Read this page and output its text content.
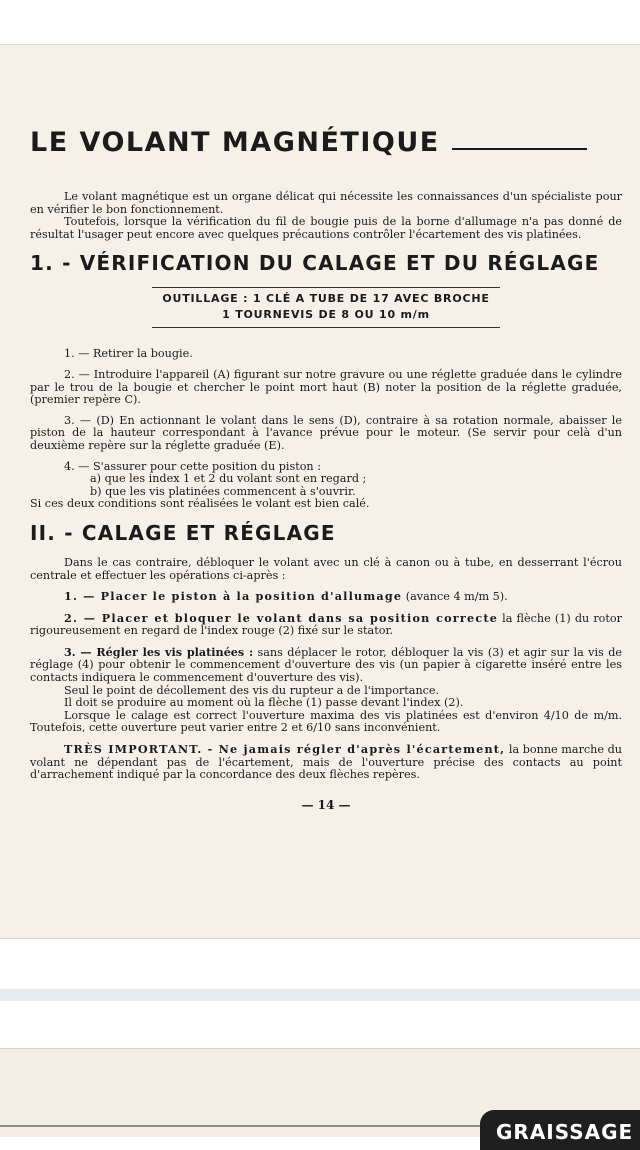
LE VOLANT MAGNÉTIQUE

Le volant magnétique est un organe délicat qui nécessite les connaissances d'un spécialiste pour en vérifier le bon fonctionnement.

Toutefois, lorsque la vérification du fil de bougie puis de la borne d'allumage n'a pas donné de résultat l'usager peut encore avec quelques précautions contrôler l'écartement des vis platinées.

1. - VÉRIFICATION DU CALAGE ET DU RÉGLAGE
OUTILLAGE : 1 CLÉ A TUBE DE 17 AVEC BROCHE
1 TOURNEVIS DE 8 OU 10 m/m

1. — Retirer la bougie.

2. — Introduire l'appareil (A) figurant sur notre gravure ou une réglette graduée dans le cylindre par le trou de la bougie et chercher le point mort haut (B) noter la position de la réglette graduée, (premier repère C).

3. — (D) En actionnant le volant dans le sens (D), contraire à sa rotation normale, abaisser le piston de la hauteur correspondant à l'avance prévue pour le moteur. (Se servir pour celà d'un deuxième repère sur la réglette graduée (E).

4. — S'assurer pour cette position du piston :

a) que les index 1 et 2 du volant sont en regard ;

b) que les vis platinées commencent à s'ouvrir.

Si ces deux conditions sont réalisées le volant est bien calé.

II. - CALAGE ET RÉGLAGE

Dans le cas contraire, débloquer le volant avec un clé à canon ou à tube, en desserrant l'écrou centrale et effectuer les opérations ci-après :

1. — Placer le piston à la position d'allumage (avance 4 m/m 5).

2. — Placer et bloquer le volant dans sa position correcte la flèche (1) du rotor rigoureusement en regard de l'index rouge (2) fixé sur le stator.

3. — Régler les vis platinées : sans déplacer le rotor, débloquer la vis (3) et agir sur la vis de réglage (4) pour obtenir le commencement d'ouverture des vis (un papier à cigarette inséré entre les contacts indiquera le commencement d'ouverture des vis).

Seul le point de décollement des vis du rupteur a de l'importance.

Il doit se produire au moment où la flèche (1) passe devant l'index (2).

Lorsque le calage est correct l'ouverture maxima des vis platinées est d'environ 4/10 de m/m. Toutefois, cette ouverture peut varier entre 2 et 6/10 sans inconvénient.

TRÈS IMPORTANT. - Ne jamais régler d'après l'écartement, la bonne marche du volant ne dépendant pas de l'écartement, mais de l'ouverture précise des contacts au point d'arrachement indiqué par la concordance des deux flèches repères.

— 14 —
GRAISSAGE
